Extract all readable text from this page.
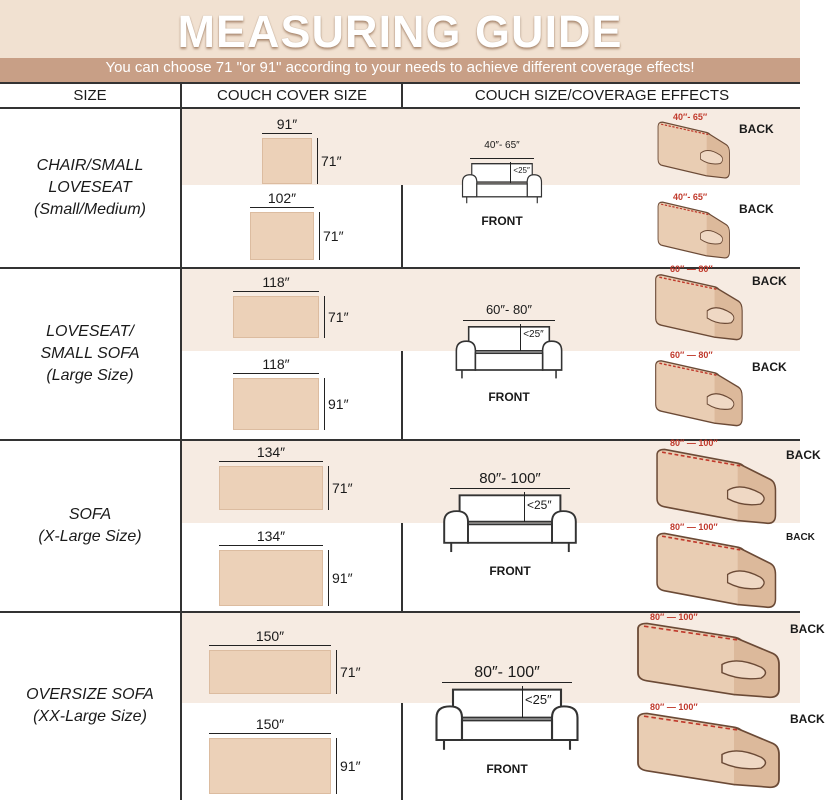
MEASURING GUIDE
You can choose 71 "or 91" according to your needs to achieve different coverage effects!
SIZE	COUCH COVER SIZE	COUCH SIZE/COVERAGE EFFECTS
CHAIR/SMALL
LOVESEAT
(Small/Medium)
91″
71″
102″
71″
40″- 65″
<25″
FRONT
40″- 65″
BACK
40″- 65″
BACK
LOVESEAT/
SMALL SOFA
(Large Size)
118″
71″
118″
91″
60″- 80″
<25″
FRONT
60″ — 80″
BACK
60″ — 80″
BACK
SOFA
(X-Large Size)
134″
71″
134″
91″
80″- 100″
<25″
FRONT
80″ — 100″
BACK
80″ — 100″
BACK
OVERSIZE SOFA
(XX-Large Size)
150″
71″
150″
91″
80″- 100″
<25″
FRONT
80″ — 100″
BACK
80″ — 100″
BACK
